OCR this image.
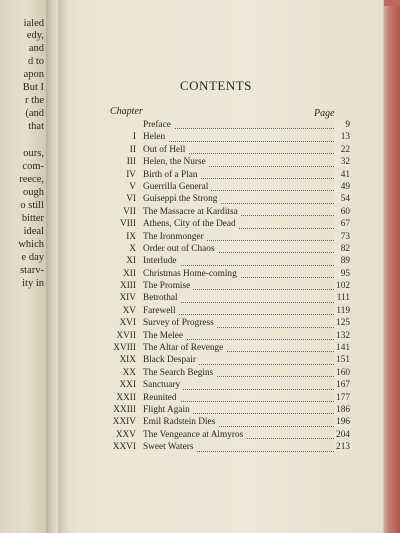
ialed
edy,
and
d to
apon
But I
r the
(and
that
ours,
com-
reece,
ough
o still
bitter
ideal
which
e day
starv-
ity in
CONTENTS
Chapter	Page
Preface	9
I Helen	13
II Out of Hell	22
III Helen, the Nurse	32
IV Birth of a Plan	41
V Guerrilla General	49
VI Guiseppi the Strong	54
VII The Massacre at Karditsa	60
VIII Athens, City of the Dead	67
IX The Ironmonger	73
X Order out of Chaos	82
XI Interlude	89
XII Christmas Home-coming	95
XIII The Promise	102
XIV Betrothal	111
XV Farewell	119
XVI Survey of Progress	125
XVII The Melee	132
XVIII The Altar of Revenge	141
XIX Black Despair	151
XX The Search Begins	160
XXI Sanctuary	167
XXII Reunited	177
XXIII Flight Again	186
XXIV Emil Radstein Dies	196
XXV The Vengeance at Almyros	204
XXVI Sweet Waters	213
